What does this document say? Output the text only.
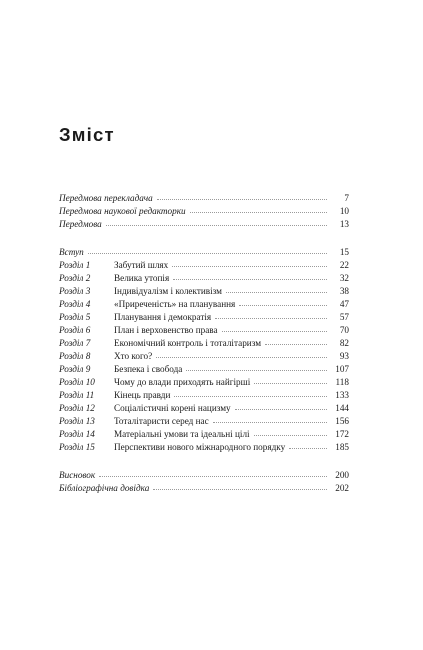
Зміст
Передмова перекладача	7
Передмова наукової редакторки	10
Передмова	13
Вступ	15
Розділ 1	Забутий шлях	22
Розділ 2	Велика утопія	32
Розділ 3	Індивідуалізм і колективізм	38
Розділ 4	«Приреченість» на планування	47
Розділ 5	Планування і демократія	57
Розділ 6	План і верховенство права	70
Розділ 7	Економічний контроль і тоталітаризм	82
Розділ 8	Хто кого?	93
Розділ 9	Безпека і свобода	107
Розділ 10 Чому до влади приходять найгірші	118
Розділ 11 Кінець правди	133
Розділ 12 Соціалістичні корені нацизму	144
Розділ 13 Тоталітаристи серед нас	156
Розділ 14 Матеріальні умови та ідеальні цілі	172
Розділ 15 Перспективи нового міжнародного порядку	185
Висновок	200
Бібліографічна довідка	202
